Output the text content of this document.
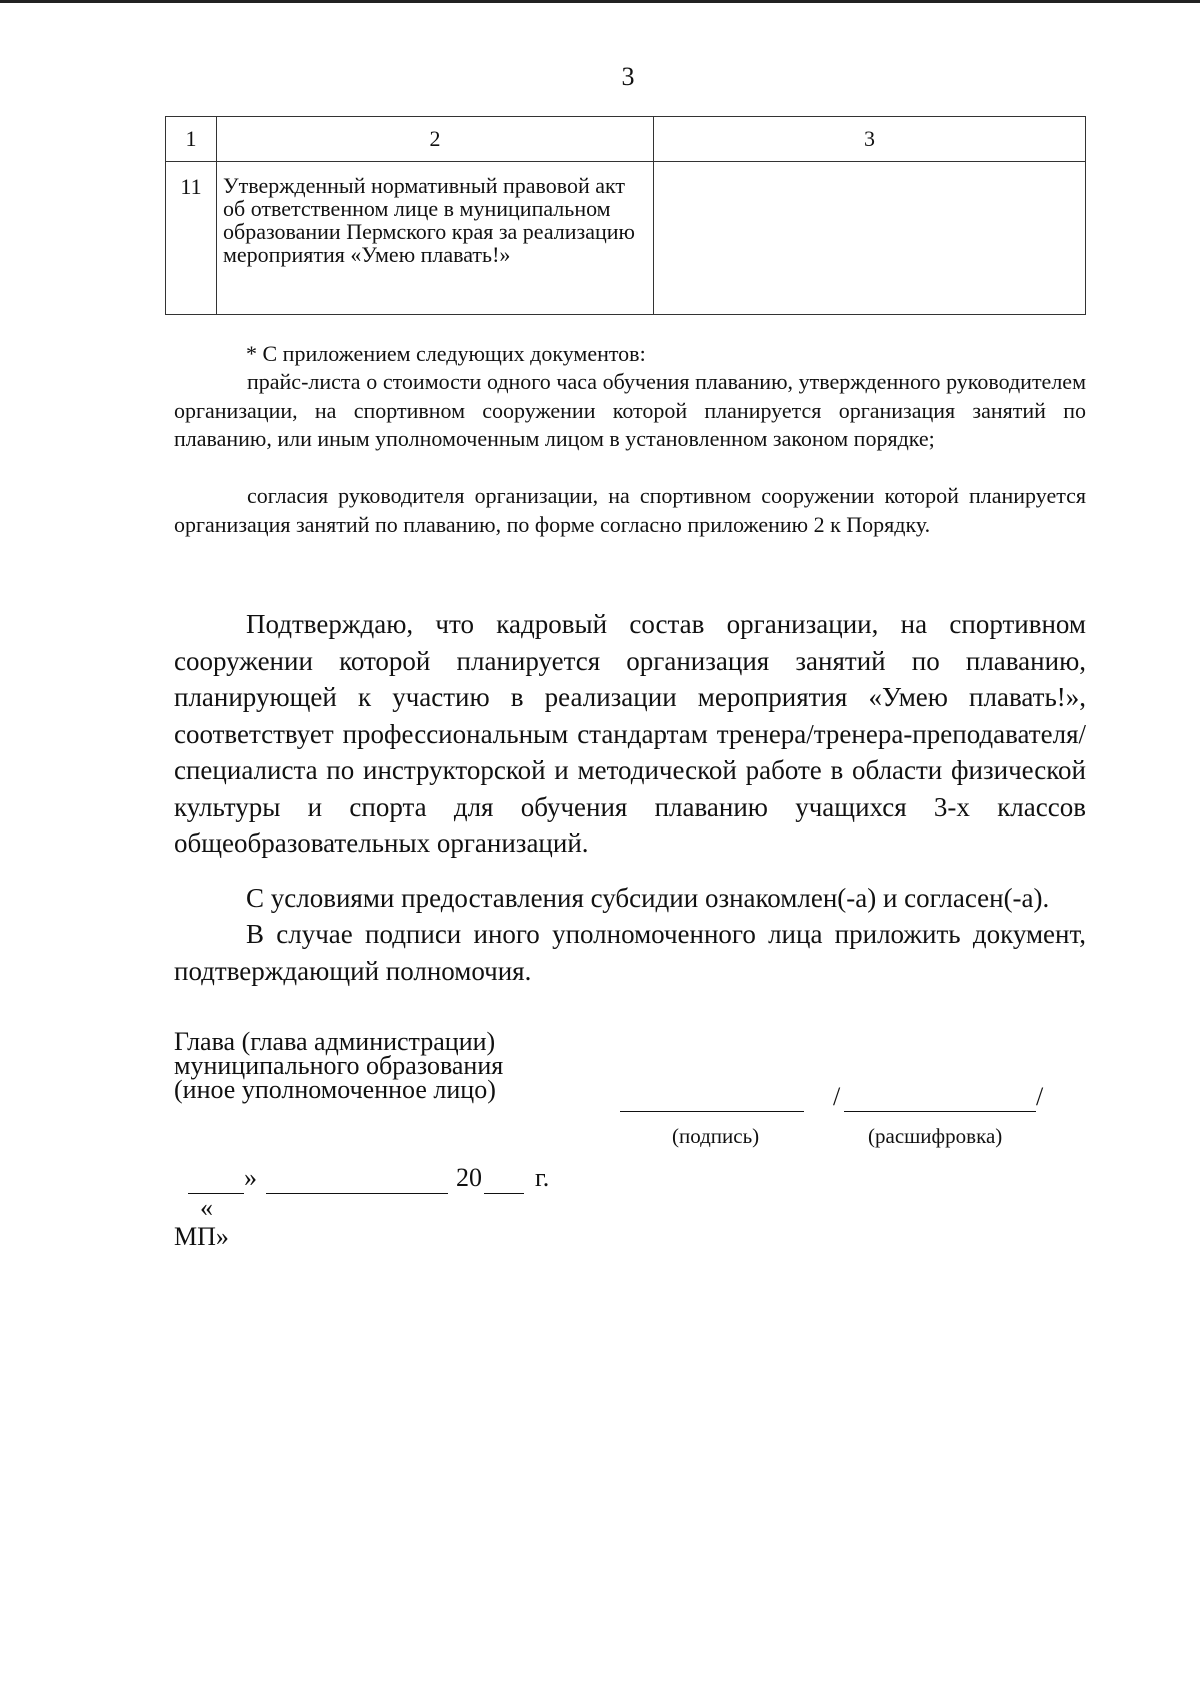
3
1	2	3
11	Утвержденный нормативный правовой акт об ответственном лице в муниципальном образовании Пермского края за реализацию мероприятия «Умею плавать!»	

* С приложением следующих документов:

прайс-листа о стоимости одного часа обучения плаванию, утвержденного руководителем организации, на спортивном сооружении которой планируется организация занятий по плаванию, или иным уполномоченным лицом в установленном законом порядке;

согласия руководителя организации, на спортивном сооружении которой планируется организация занятий по плаванию, по форме согласно приложению 2 к Порядку.

Подтверждаю, что кадровый состав организации, на спортивном сооружении которой планируется организация занятий по плаванию, планирующей к участию в реализации мероприятия «Умею плавать!», соответствует профессиональным стандартам тренера/тренера-преподавателя/специалиста по инструкторской и методической работе в области физической культуры и спорта для обучения плаванию учащихся 3-х классов общеобразовательных организаций.

С условиями предоставления субсидии ознакомлен(-а) и согласен(-а).

В случае подписи иного уполномоченного лица приложить документ, подтверждающий полномочия.

Глава (глава администрации)
муниципального образования
(иное уполномоченное лицо)	/	/
(подпись)	(расшифровка)

«

»	20 г.
МП»
